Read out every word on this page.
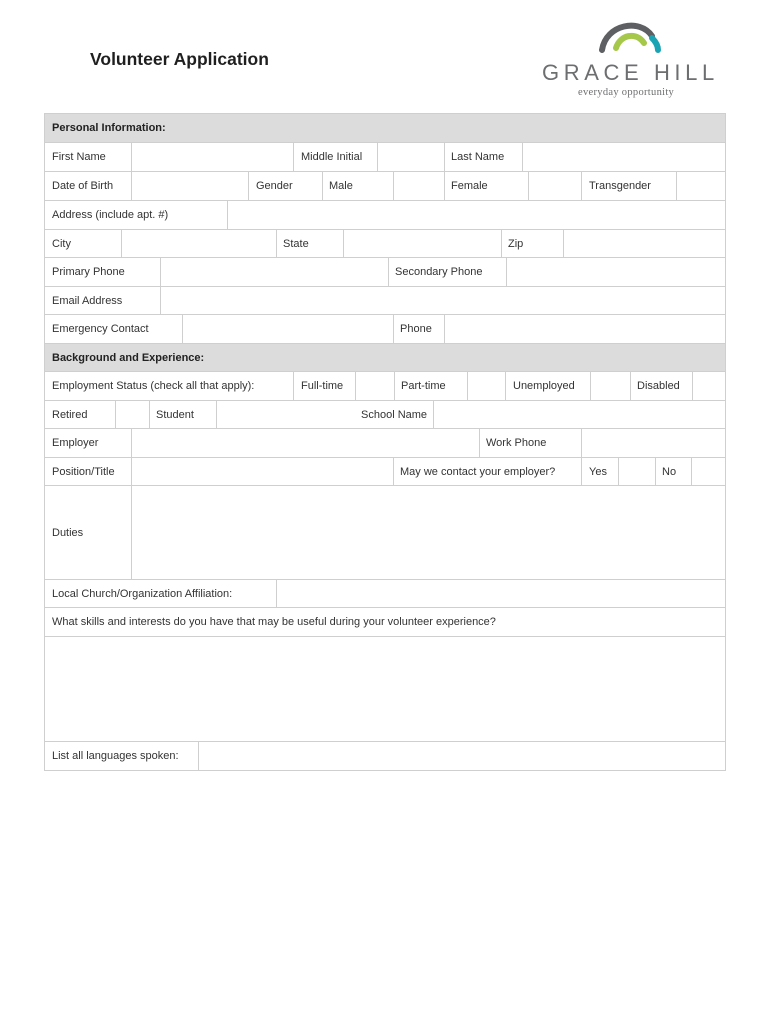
Volunteer Application
GRACE HILL
everyday opportunity
Personal Information:
First Name	Middle Initial	Last Name
Date of Birth	Gender	Male	Female	Transgender
Address (include apt. #)
City	State	Zip
Primary Phone	Secondary Phone
Email Address
Emergency Contact	Phone
Background and Experience:
Employment Status (check all that apply):	Full-time	Part-time	Unemployed	Disabled
Retired	Student	School Name
Employer	Work Phone
Position/Title	May we contact your employer?	Yes	No
Duties
Local Church/Organization Affiliation:
What skills and interests do you have that may be useful during your volunteer experience?
List all languages spoken:
